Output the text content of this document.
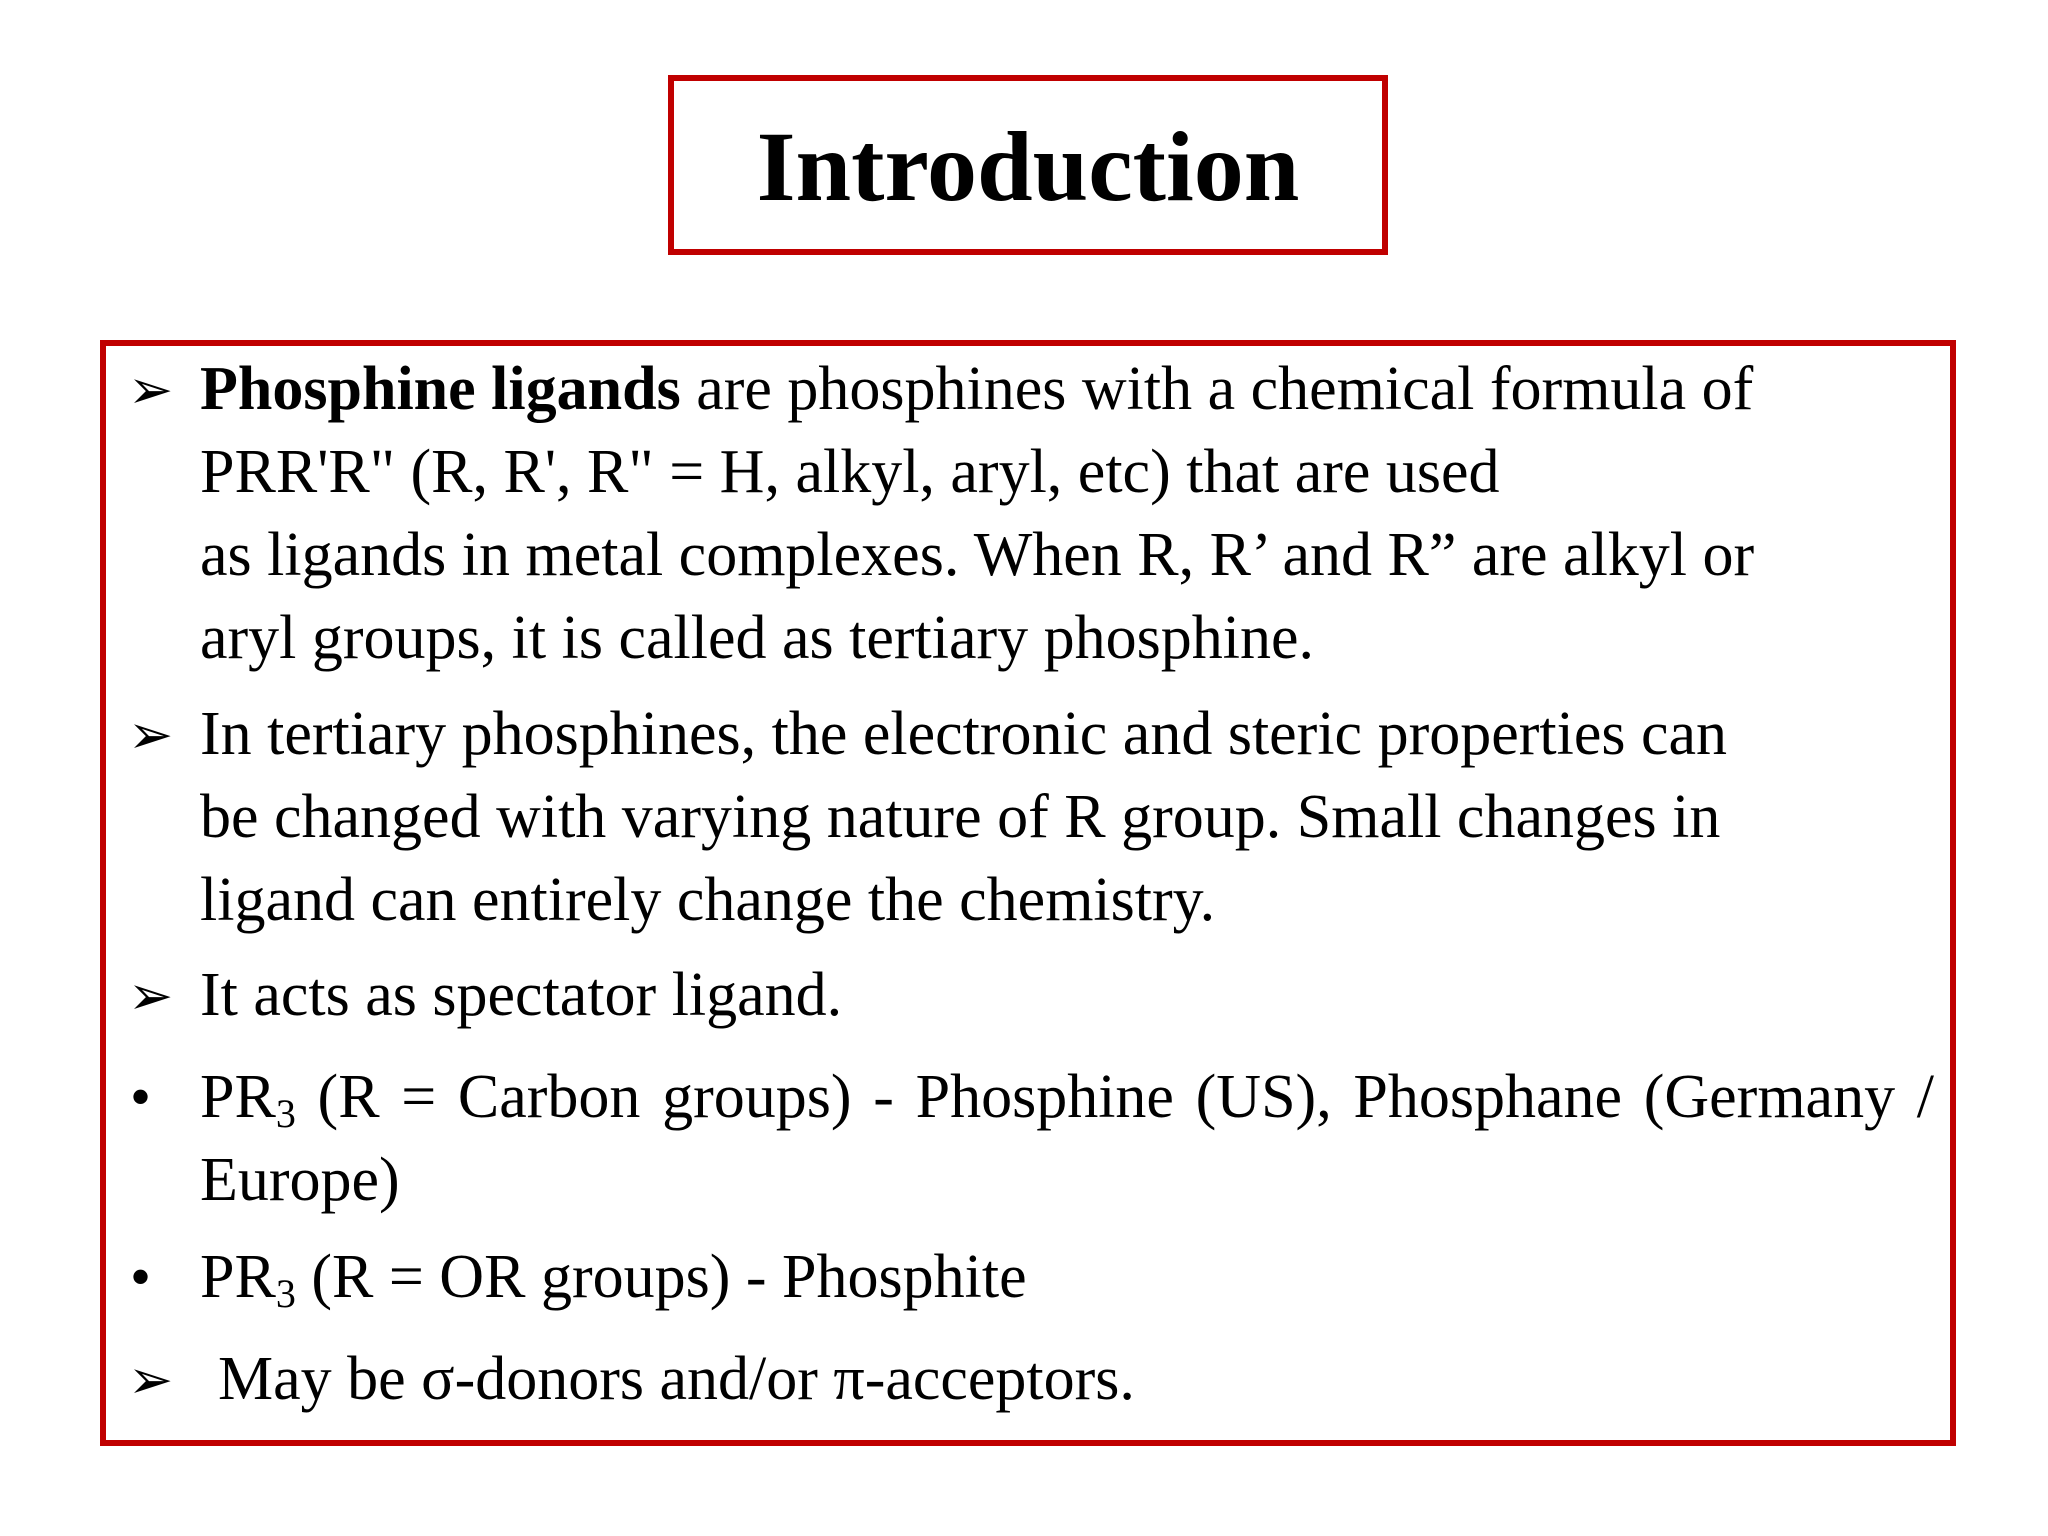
Introduction
➢ Phosphine ligands are phosphines with a chemical formula of
PRR'R" (R, R', R" = H, alkyl, aryl, etc) that are used
as ligands in metal complexes. When R, R’ and R” are alkyl or
aryl groups, it is called as tertiary phosphine.
➢ In tertiary phosphines, the electronic and steric properties can
be changed with varying nature of R group. Small changes in
ligand can entirely change the chemistry.
➢ It acts as spectator ligand.
• $PR_3$ (R = Carbon groups) - Phosphine (US), Phosphane (Germany / Europe)
• $PR_3$ (R = OR groups) - Phosphite
➢ May be σ-donors and/or π-acceptors.
